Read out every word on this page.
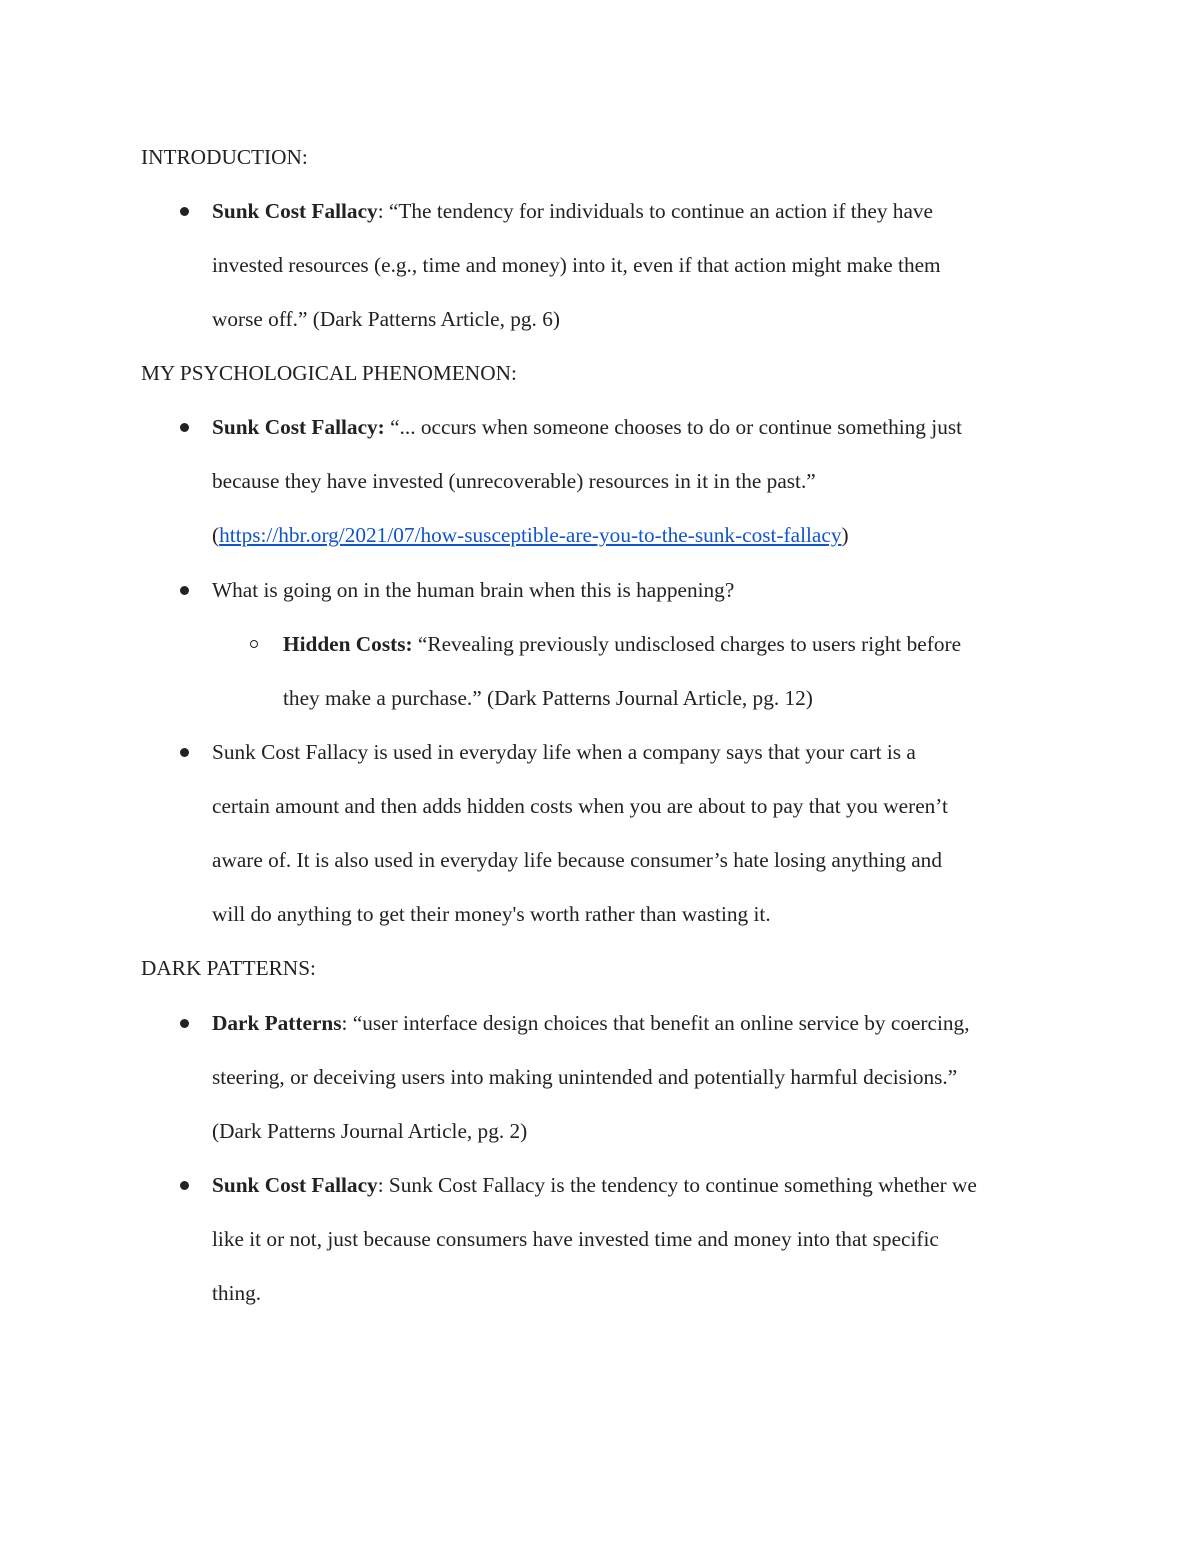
INTRODUCTION:
Sunk Cost Fallacy: “The tendency for individuals to continue an action if they have
invested resources (e.g., time and money) into it, even if that action might make them
worse off.” (Dark Patterns Article, pg. 6)
MY PSYCHOLOGICAL PHENOMENON:
Sunk Cost Fallacy: “... occurs when someone chooses to do or continue something just
because they have invested (unrecoverable) resources in it in the past.”
(https://hbr.org/2021/07/how-susceptible-are-you-to-the-sunk-cost-fallacy)
What is going on in the human brain when this is happening?
Hidden Costs: “Revealing previously undisclosed charges to users right before
they make a purchase.” (Dark Patterns Journal Article, pg. 12)
Sunk Cost Fallacy is used in everyday life when a company says that your cart is a
certain amount and then adds hidden costs when you are about to pay that you weren’t
aware of. It is also used in everyday life because consumer’s hate losing anything and
will do anything to get their money's worth rather than wasting it.
DARK PATTERNS:
Dark Patterns: “user interface design choices that benefit an online service by coercing,
steering, or deceiving users into making unintended and potentially harmful decisions.”
(Dark Patterns Journal Article, pg. 2)
Sunk Cost Fallacy: Sunk Cost Fallacy is the tendency to continue something whether we
like it or not, just because consumers have invested time and money into that specific
thing.
